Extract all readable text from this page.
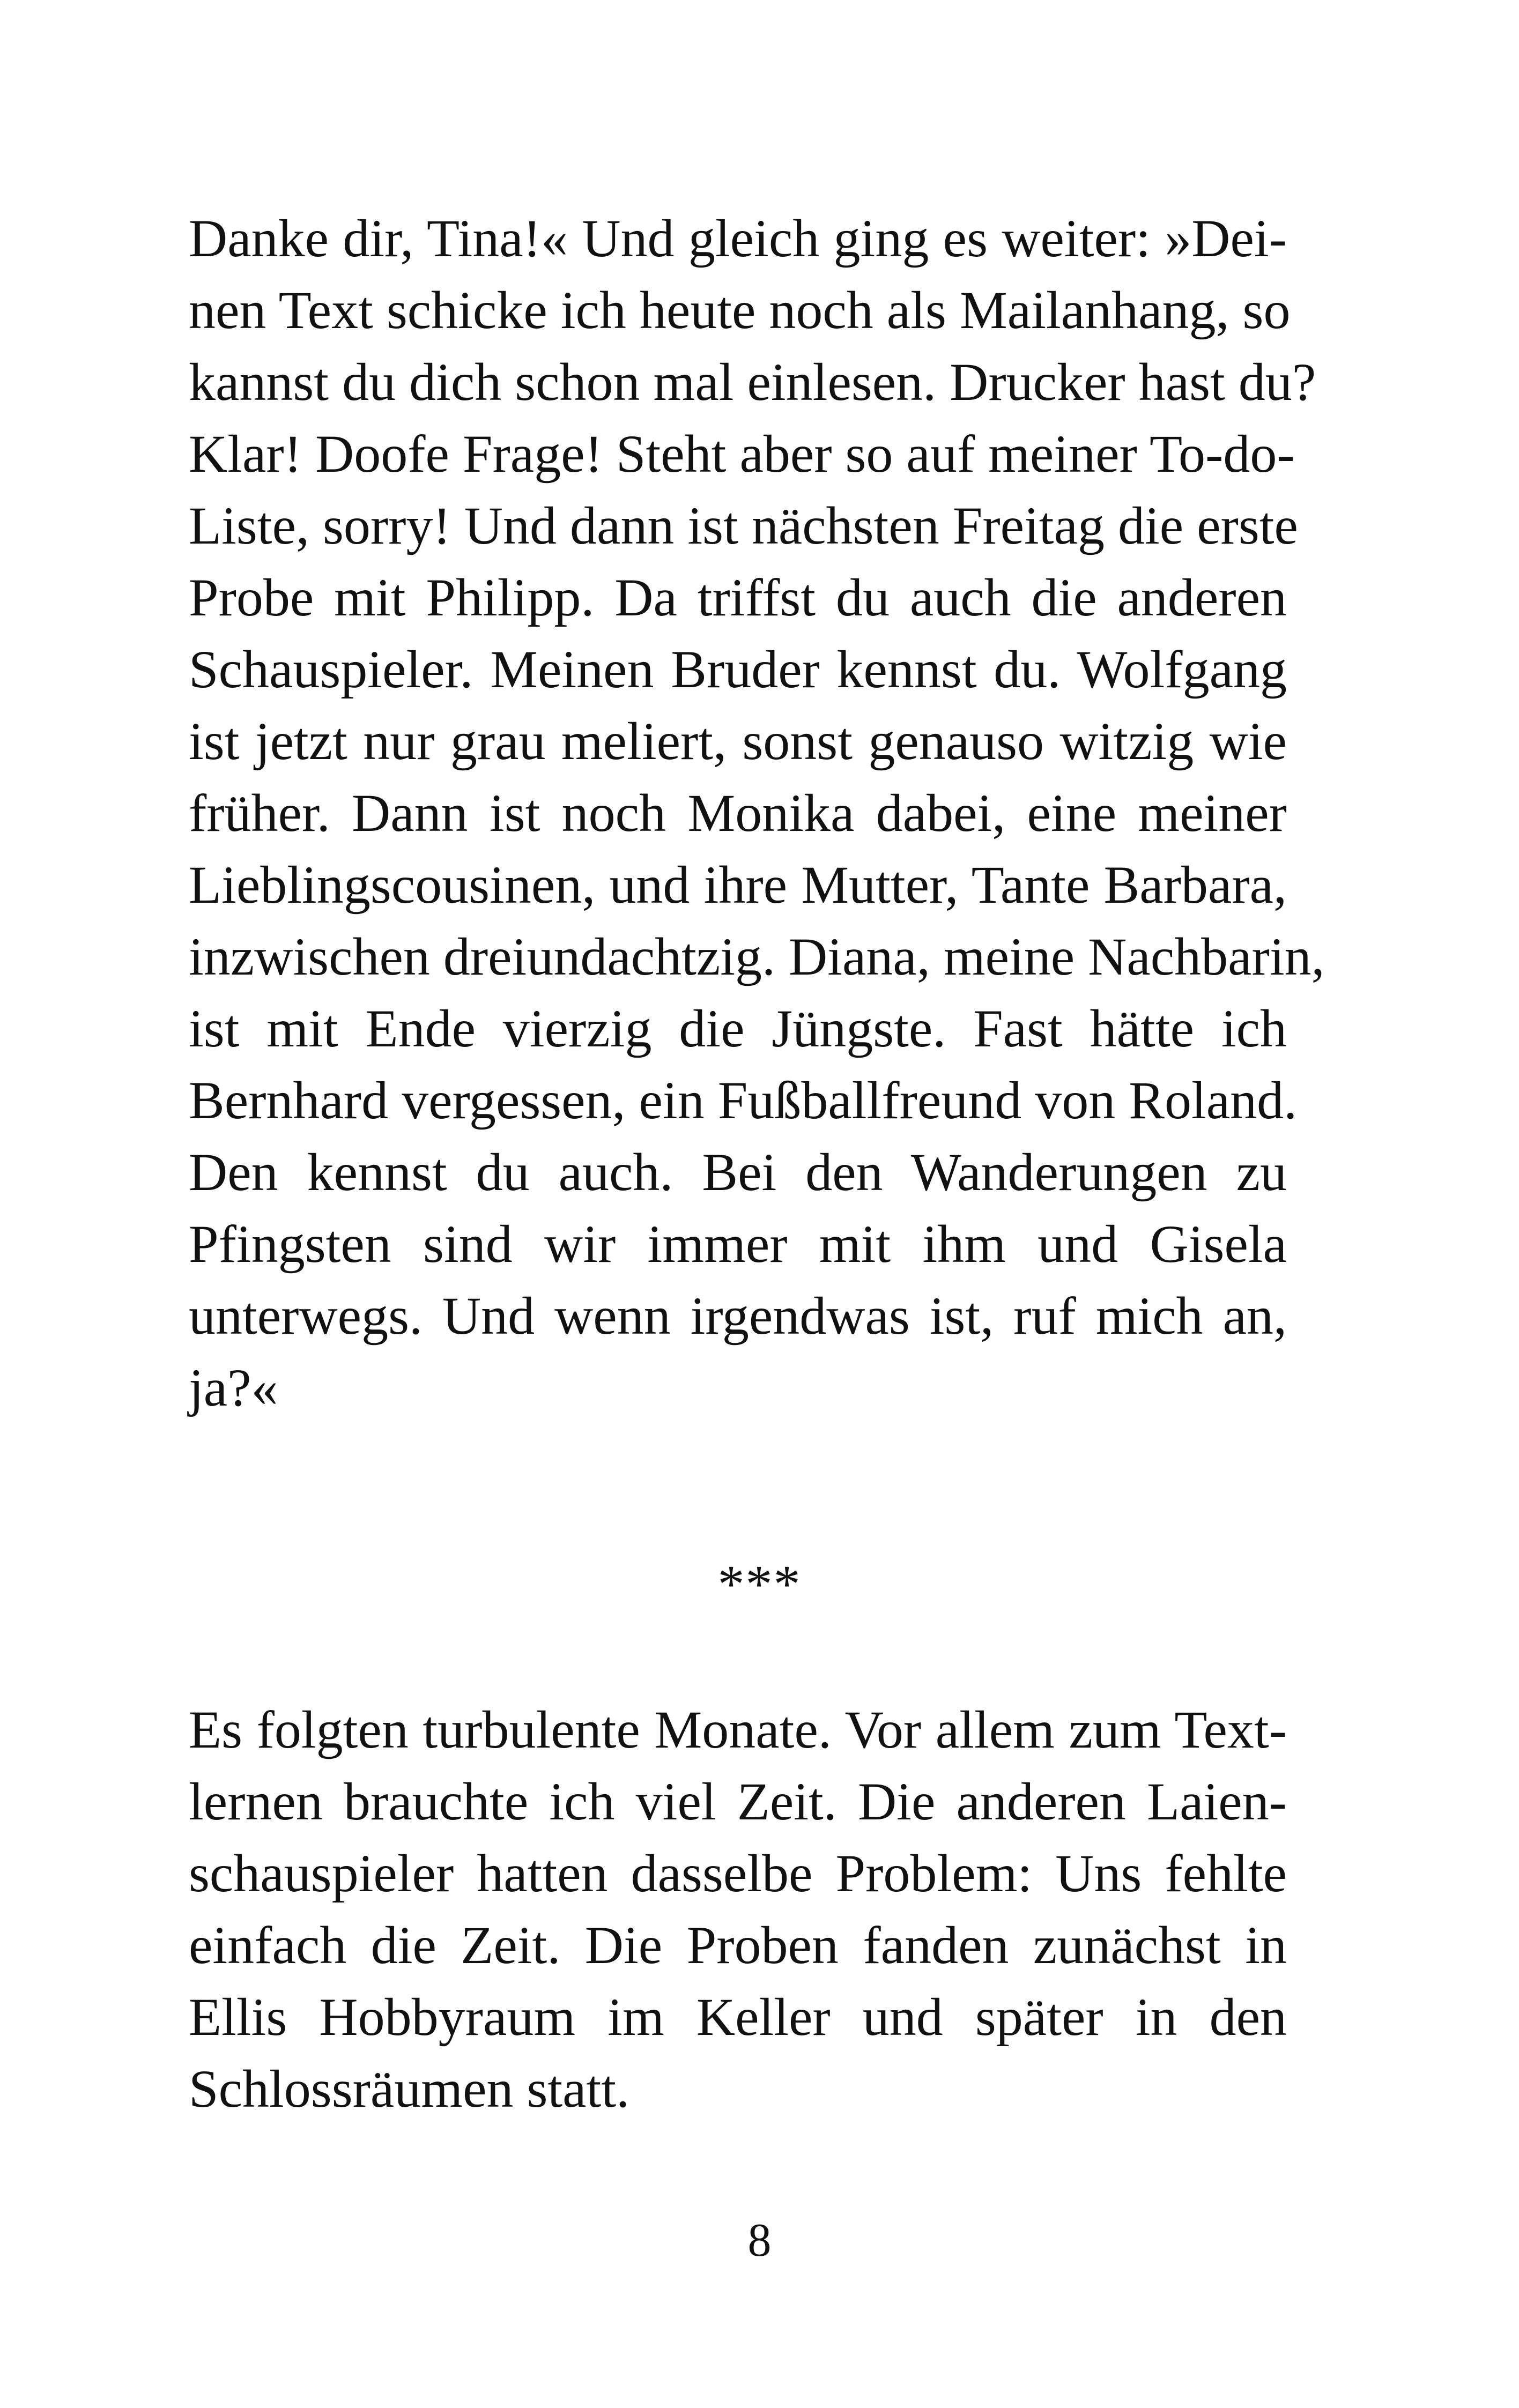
Danke dir, Tina!« Und gleich ging es weiter: »Dei-
nen Text schicke ich heute noch als Mailanhang, so
kannst du dich schon mal einlesen. Drucker hast du?
Klar! Doofe Frage! Steht aber so auf meiner To-do-
Liste, sorry! Und dann ist nächsten Freitag die erste
Probe mit Philipp. Da triffst du auch die anderen
Schauspieler. Meinen Bruder kennst du. Wolfgang
ist jetzt nur grau meliert, sonst genauso witzig wie
früher. Dann ist noch Monika dabei, eine meiner
Lieblingscousinen, und ihre Mutter, Tante Barbara,
inzwischen dreiundachtzig. Diana, meine Nachbarin,
ist mit Ende vierzig die Jüngste. Fast hätte ich
Bernhard vergessen, ein Fußballfreund von Roland.
Den kennst du auch. Bei den Wanderungen zu
Pfingsten sind wir immer mit ihm und Gisela
unterwegs. Und wenn irgendwas ist, ruf mich an,
ja?«
***
Es folgten turbulente Monate. Vor allem zum Text-
lernen brauchte ich viel Zeit. Die anderen Laien-
schauspieler hatten dasselbe Problem: Uns fehlte
einfach die Zeit. Die Proben fanden zunächst in
Ellis Hobbyraum im Keller und später in den
Schlossräumen statt.
8
